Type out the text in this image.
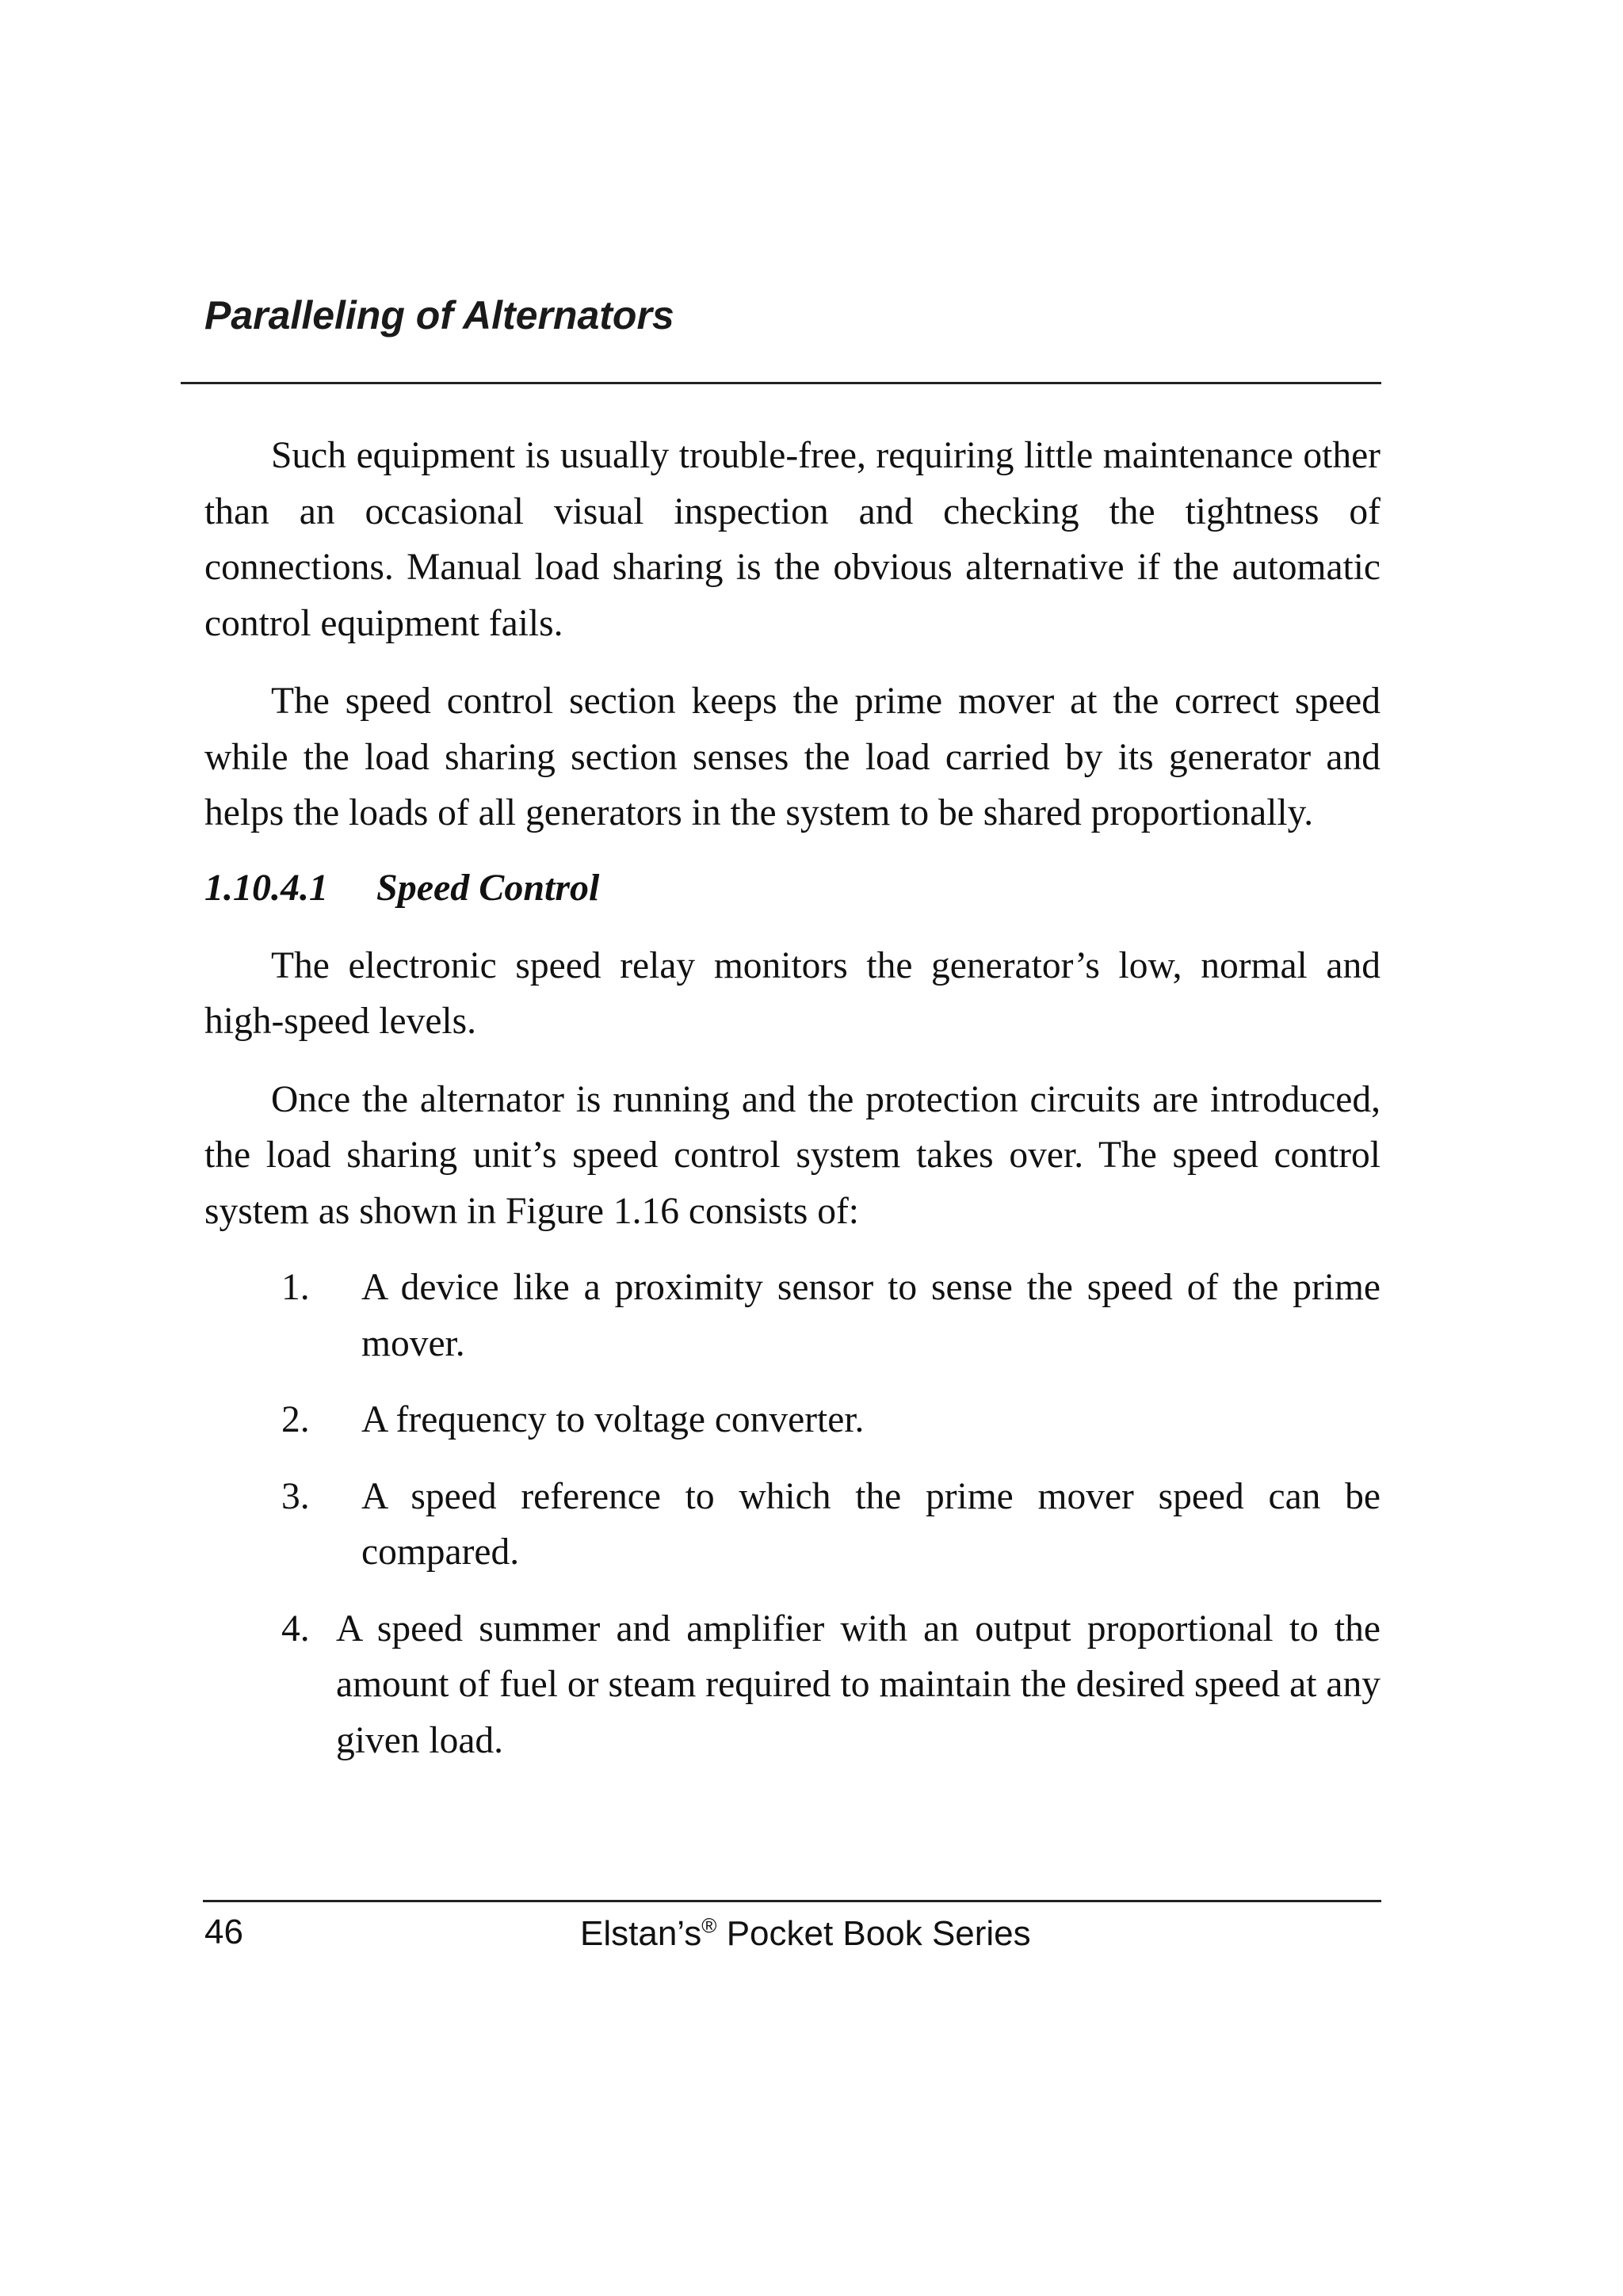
Paralleling of Alternators

Such equipment is usually trouble-free, requiring little maintenance other than an occasional visual inspection and checking the tightness of connections. Manual load sharing is the obvious alternative if the automatic control equipment fails.

The speed control section keeps the prime mover at the correct speed while the load sharing section senses the load carried by its generator and helps the loads of all generators in the system to be shared proportionally.

1.10.4.1 Speed Control

The electronic speed relay monitors the generator’s low, normal and high-speed levels.

Once the alternator is running and the protection circuits are introduced, the load sharing unit’s speed control system takes over. The speed control system as shown in Figure 1.16 consists of:

1. A device like a proximity sensor to sense the speed of the prime mover.
2. A frequency to voltage converter.
3. A speed reference to which the prime mover speed can be compared.
4. A speed summer and amplifier with an output proportional to the amount of fuel or steam required to maintain the desired speed at any given load.
46	Elstan’s® Pocket Book Series
